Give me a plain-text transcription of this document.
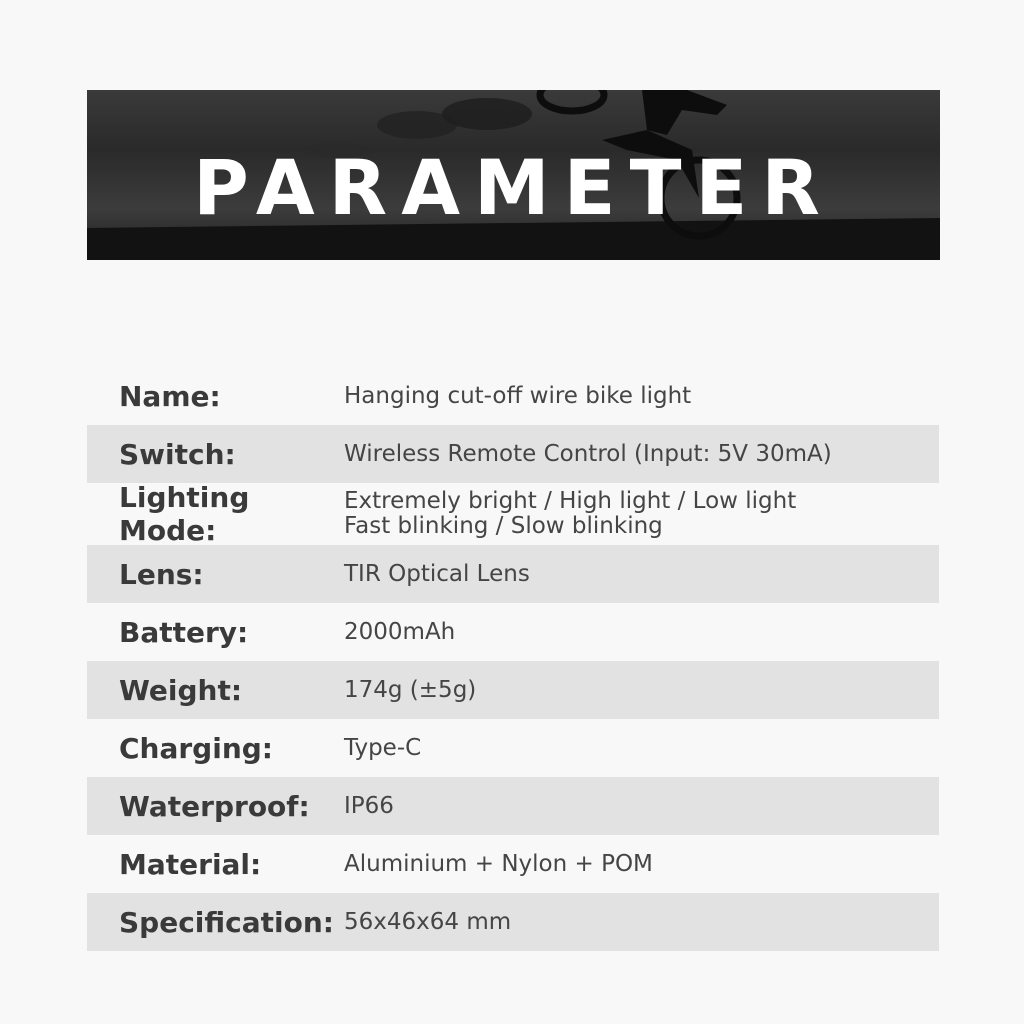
PARAMETER
Name:	Hanging cut-off wire bike light
Switch:	Wireless Remote Control (Input: 5V 30mA)
Lighting Mode:
Extremely bright / High light / Low light
Fast blinking / Slow blinking
Lens:	TIR Optical Lens
Battery:	2000mAh
Weight:	174g (±5g)
Charging:	Type-C
Waterproof:	IP66
Material:	Aluminium + Nylon + POM
Specification: 56x46x64 mm
